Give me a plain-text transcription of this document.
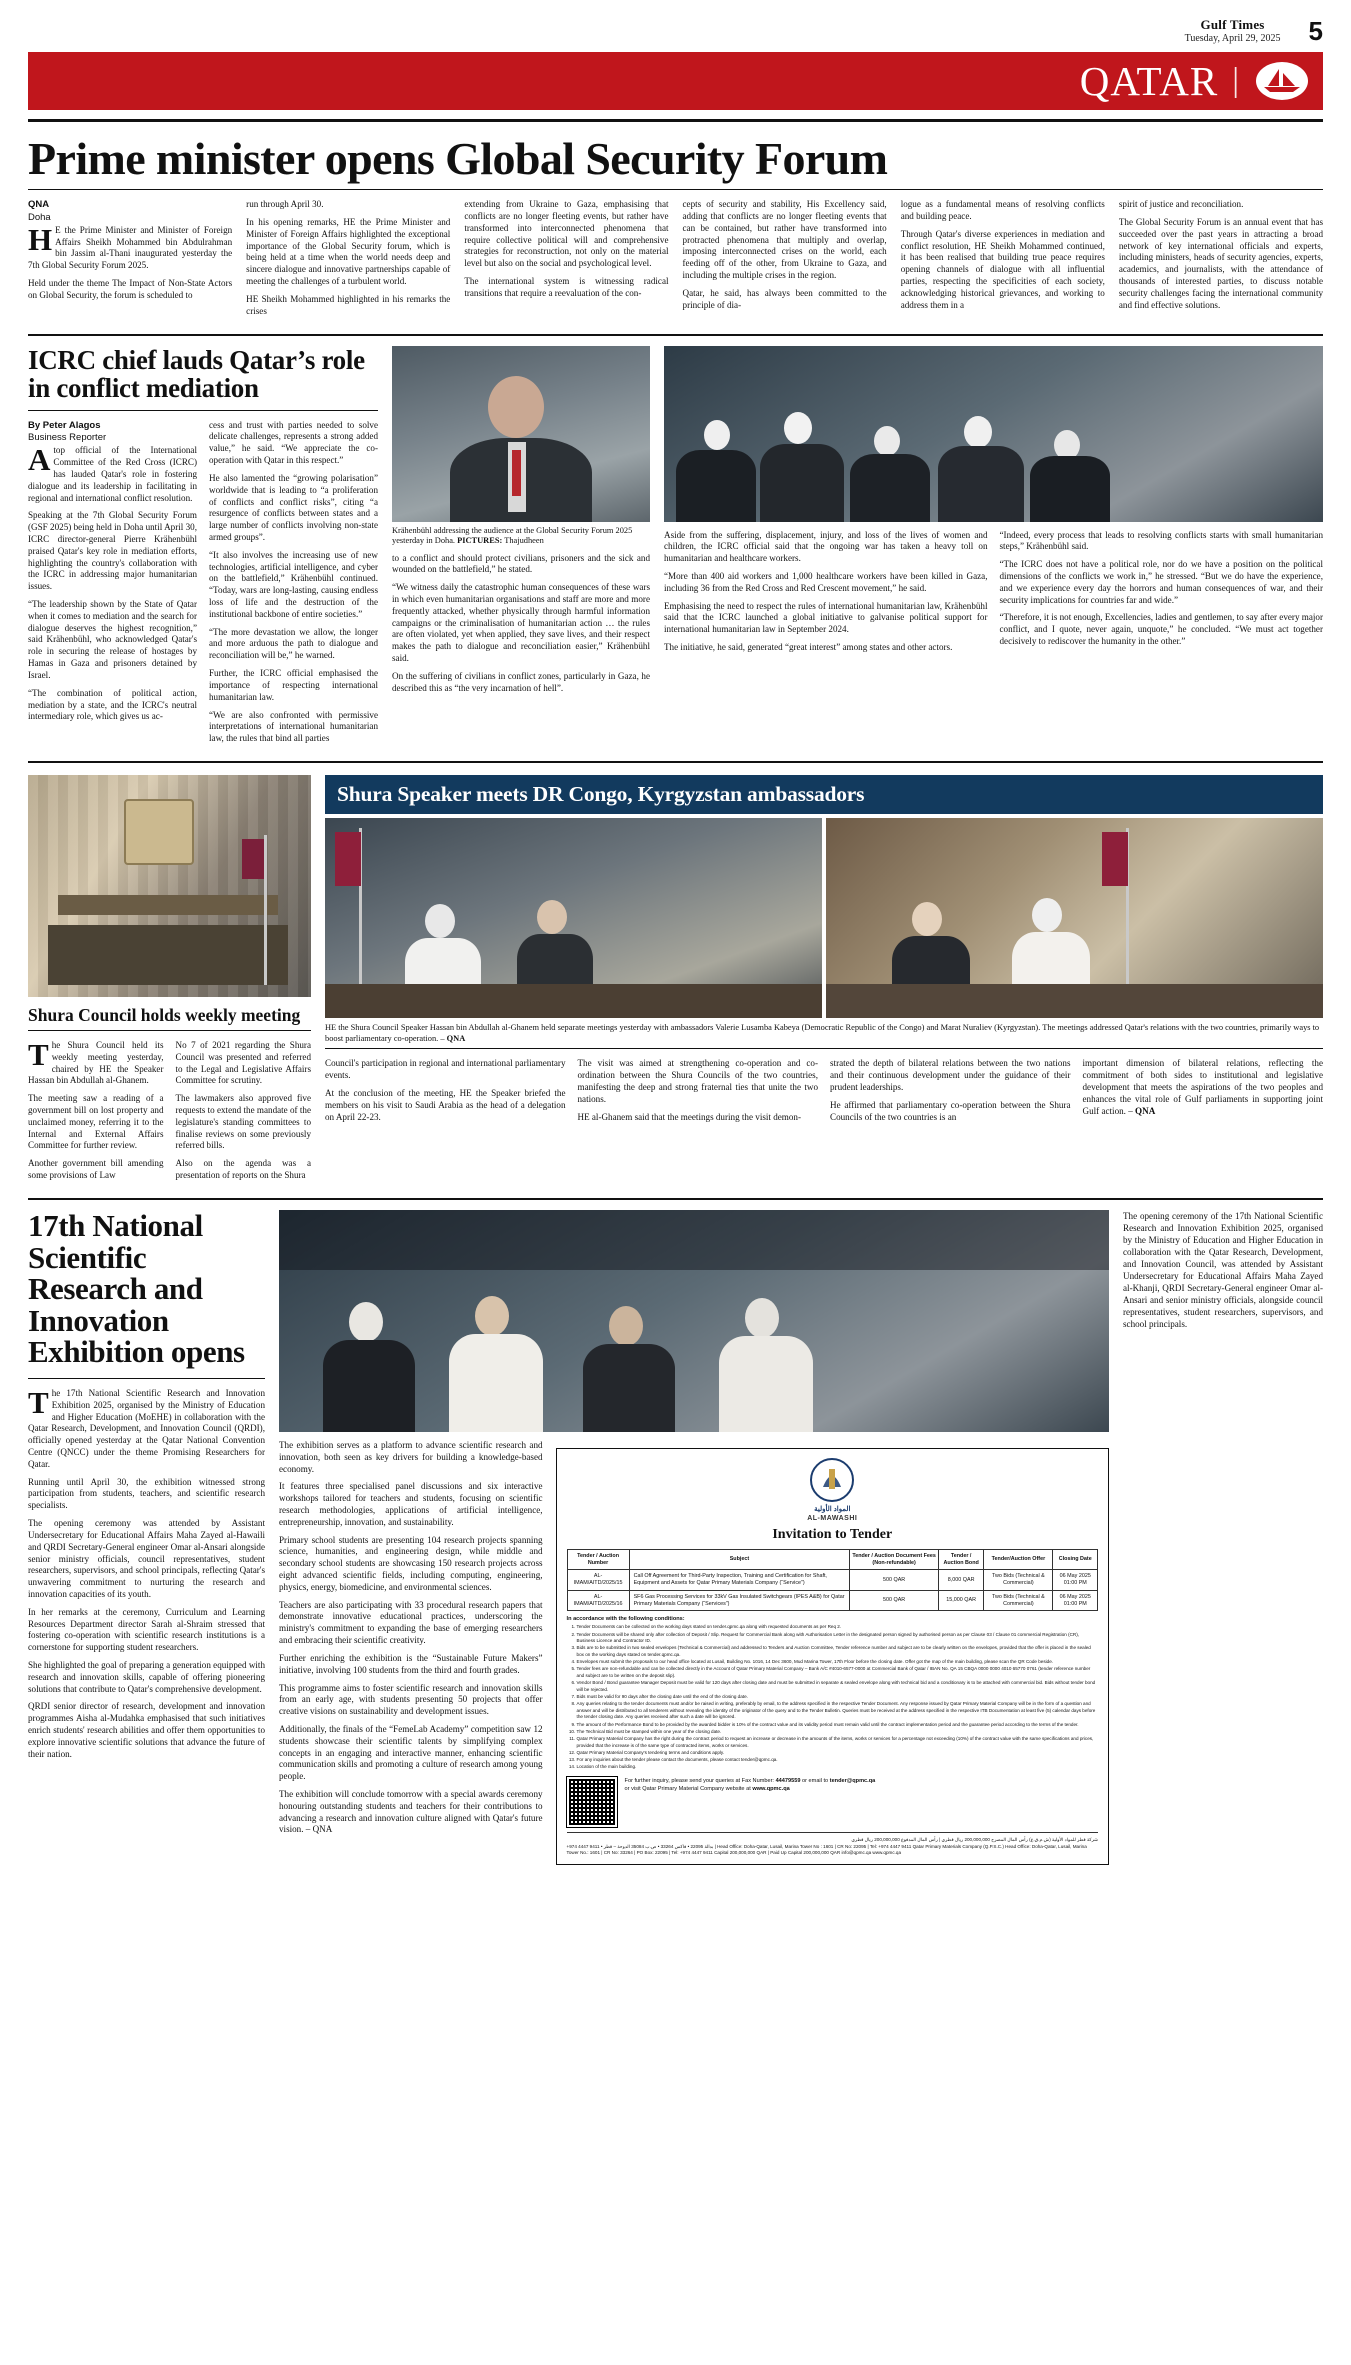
Gulf Times
Tuesday, April 29, 2025	5
QATAR |
Prime minister opens Global Security Forum
QNA
Doha

HE the Prime Minister and Minister of Foreign Affairs Sheikh Mohammed bin Abdulrahman bin Jassim al-Thani inaugurated yesterday the 7th Global Security Forum 2025.

Held under the theme The Impact of Non-State Actors on Global Security, the forum is scheduled to

run through April 30.

In his opening remarks, HE the Prime Minister and Minister of Foreign Affairs highlighted the exceptional importance of the Global Security forum, which is being held at a time when the world needs deep and sincere dialogue and innovative partnerships capable of meeting the challenges of a turbulent world.

HE Sheikh Mohammed highlighted in his remarks the crises

extending from Ukraine to Gaza, emphasising that conflicts are no longer fleeting events, but rather have transformed into interconnected phenomena that require collective political will and comprehensive strategies for reconstruction, not only on the material level but also on the social and psychological level.

The international system is witnessing radical transitions that require a reevaluation of the con-

cepts of security and stability, His Excellency said, adding that conflicts are no longer fleeting events that can be contained, but rather have transformed into protracted phenomena that multiply and overlap, imposing interconnected crises on the world, each feeding off of the other, from Ukraine to Gaza, and including the multiple crises in the region.

Qatar, he said, has always been committed to the principle of dia-

logue as a fundamental means of resolving conflicts and building peace.

Through Qatar's diverse experiences in mediation and conflict resolution, HE Sheikh Mohammed continued, it has been realised that building true peace requires opening channels of dialogue with all influential parties, respecting the specificities of each society, acknowledging historical grievances, and working to address them in a

spirit of justice and reconciliation.

The Global Security Forum is an annual event that has succeeded over the past years in attracting a broad network of key international officials and experts, including ministers, heads of security agencies, experts, academics, and journalists, with the attendance of thousands of interested parties, to discuss notable security challenges facing the international community and find effective solutions.

ICRC chief lauds Qatar’s role in conflict mediation
By Peter Alagos
Business Reporter

Atop official of the International Committee of the Red Cross (ICRC) has lauded Qatar's role in fostering dialogue and its leadership in facilitating in regional and international conflict resolution.

Speaking at the 7th Global Security Forum (GSF 2025) being held in Doha until April 30, ICRC director-general Pierre Krähenbühl praised Qatar's key role in mediation efforts, highlighting the country's collaboration with the ICRC in addressing major humanitarian issues.

“The leadership shown by the State of Qatar when it comes to mediation and the search for dialogue deserves the highest recognition,” said Krähenbühl, who acknowledged Qatar's role in securing the release of hostages by Hamas in Gaza and prisoners detained by Israel.

“The combination of political action, mediation by a state, and the ICRC's neutral intermediary role, which gives us ac-

cess and trust with parties needed to solve delicate challenges, represents a strong added value,” he said. “We appreciate the co-operation with Qatar in this respect.”

He also lamented the “growing polarisation” worldwide that is leading to “a proliferation of conflicts and conflict risks”, citing “a resurgence of conflicts between states and a large number of conflicts involving non-state armed groups”.

“It also involves the increasing use of new technologies, artificial intelligence, and cyber on the battlefield,” Krähenbühl continued. “Today, wars are long-lasting, causing endless loss of life and the destruction of the institutional backbone of entire societies.”

“The more devastation we allow, the longer and more arduous the path to dialogue and reconciliation will be,” he warned.

Further, the ICRC official emphasised the importance of respecting international humanitarian law.

“We are also confronted with permissive interpretations of international humanitarian law, the rules that bind all parties

Krähenbühl addressing the audience at the Global Security Forum 2025 yesterday in Doha. PICTURES: Thajudheen

to a conflict and should protect civilians, prisoners and the sick and wounded on the battlefield,” he stated.

“We witness daily the catastrophic human consequences of these wars in which even humanitarian organisations and staff are more and more frequently attacked, whether physically through harmful information campaigns or the criminalisation of humanitarian action … the rules are often violated, yet when applied, they save lives, and their respect makes the path to dialogue and reconciliation easier,” Krähenbühl said.

On the suffering of civilians in conflict zones, particularly in Gaza, he described this as “the very incarnation of hell”.

Aside from the suffering, displacement, injury, and loss of the lives of women and children, the ICRC official said that the ongoing war has taken a heavy toll on humanitarian and healthcare workers.

“More than 400 aid workers and 1,000 healthcare workers have been killed in Gaza, including 36 from the Red Cross and Red Crescent movement,” he said.

Emphasising the need to respect the rules of international humanitarian law, Krähenbühl said that the ICRC launched a global initiative to galvanise political support for international humanitarian law in September 2024.

The initiative, he said, generated “great interest” among states and other actors.

“Indeed, every process that leads to resolving conflicts starts with small humanitarian steps,” Krähenbühl said.

“The ICRC does not have a political role, nor do we have a position on the political dimensions of the conflicts we work in,” he stressed. “But we do have the experience, and we experience every day the horrors and human consequences of war, and their security implications for countries far and wide.”

“Therefore, it is not enough, Excellencies, ladies and gentlemen, to say after every major conflict, and I quote, never again, unquote,” he concluded. “We must act together decisively to rediscover the humanity in the other.”

Shura Council holds weekly meeting

The Shura Council held its weekly meeting yesterday, chaired by HE the Speaker Hassan bin Abdullah al-Ghanem.

The meeting saw a reading of a government bill on lost property and unclaimed money, referring it to the Internal and External Affairs Committee for further review.

Another government bill amending some provisions of Law

No 7 of 2021 regarding the Shura Council was presented and referred to the Legal and Legislative Affairs Committee for scrutiny.

The lawmakers also approved five requests to extend the mandate of the legislature's standing committees to finalise reviews on some previously referred bills.

Also on the agenda was a presentation of reports on the Shura

Shura Speaker meets DR Congo, Kyrgyzstan ambassadors
HE the Shura Council Speaker Hassan bin Abdullah al-Ghanem held separate meetings yesterday with ambassadors Valerie Lusamba Kabeya (Democratic Republic of the Congo) and Marat Nuraliev (Kyrgyzstan). The meetings addressed Qatar's relations with the two countries, primarily ways to boost parliamentary co-operation. – QNA

Council's participation in regional and international parliamentary events.

At the conclusion of the meeting, HE the Speaker briefed the members on his visit to Saudi Arabia as the head of a delegation on April 22-23.

The visit was aimed at strengthening co-operation and co-ordination between the Shura Councils of the two countries, manifesting the deep and strong fraternal ties that unite the two nations.

HE al-Ghanem said that the meetings during the visit demon-

strated the depth of bilateral relations between the two nations and their continuous development under the guidance of their prudent leaderships.

He affirmed that parliamentary co-operation between the Shura Councils of the two countries is an

important dimension of bilateral relations, reflecting the commitment of both sides to institutional and legislative development that meets the aspirations of the two peoples and enhances the vital role of Gulf parliaments in supporting joint Gulf action. – QNA

17th National Scientific Research and Innovation Exhibition opens

The 17th National Scientific Research and Innovation Exhibition 2025, organised by the Ministry of Education and Higher Education (MoEHE) in collaboration with the Qatar Research, Development, and Innovation Council (QRDI), officially opened yesterday at the Qatar National Convention Centre (QNCC) under the theme Promising Researchers for Qatar.

Running until April 30, the exhibition witnessed strong participation from students, teachers, and scientific research specialists.

The opening ceremony was attended by Assistant Undersecretary for Educational Affairs Maha Zayed al-Hawaili and QRDI Secretary-General engineer Omar al-Ansari alongside senior ministry officials, council representatives, student researchers, supervisors, and school principals, reflecting Qatar's unwavering commitment to nurturing the research and innovation capacities of its youth.

In her remarks at the ceremony, Curriculum and Learning Resources Department director Sarah al-Shraim stressed that fostering co-operation with scientific research institutions is a cornerstone for supporting student researchers.

She highlighted the goal of preparing a generation equipped with research and innovation skills, capable of offering pioneering solutions that contribute to Qatar's comprehensive development.

QRDI senior director of research, development and innovation programmes Aisha al-Mudahka emphasised that such initiatives enrich students' research abilities and offer them opportunities to explore innovative scientific solutions that advance the future of their nation.

The exhibition serves as a platform to advance scientific research and innovation, both seen as key drivers for building a knowledge-based economy.

It features three specialised panel discussions and six interactive workshops tailored for teachers and students, focusing on scientific research methodologies, applications of artificial intelligence, entrepreneurship, innovation, and sustainability.

Primary school students are presenting 104 research projects spanning science, humanities, and engineering design, while middle and secondary school students are showcasing 150 research projects across eight advanced scientific fields, including computing, engineering, physics, energy, biomedicine, and environmental sciences.

Teachers are also participating with 33 procedural research papers that demonstrate innovative educational practices, underscoring the ministry's commitment to expanding the base of emerging researchers and embracing their scientific creativity.

Further enriching the exhibition is the “Sustainable Future Makers” initiative, involving 100 students from the third and fourth grades.

This programme aims to foster scientific research and innovation skills from an early age, with students presenting 50 projects that offer creative visions on sustainability and development issues.

Additionally, the finals of the “FemeLab Academy” competition saw 12 students showcase their scientific talents by simplifying complex concepts in an engaging and interactive manner, enhancing scientific communication skills and promoting a culture of research among young people.

The exhibition will conclude tomorrow with a special awards ceremony honouring outstanding students and teachers for their contributions to advancing a research and innovation culture aligned with Qatar's future vision. – QNA

المواد الأولية
AL-MAWASHI
Invitation to Tender
Tender / Auction Number	Subject	Tender / Auction Document Fees (Non-refundable)	Tender / Auction Bond	Tender/Auction Offer	Closing Date
AL-IMAM/AITD/2025/15	Call Off Agreement for Third-Party Inspection, Training and Certification for Shaft, Equipment and Assets for Qatar Primary Materials Company (“Service”)	500 QAR	8,000 QAR	Two Bids (Technical & Commercial)	06 May 2025 01:00 PM
AL-IMAM/AITD/2025/16	SF6 Gas Processing Services for 33kV Gas Insulated Switchgears (IPES A&B) for Qatar Primary Materials Company (“Services”)	500 QAR	15,000 QAR	Two Bids (Technical & Commercial)	06 May 2025 01:00 PM
In accordance with the following conditions:
1. Tender Documents can be collected on the working days stated on tender.qpmc.qa along with requested documents as per Req 2.
2. Tender Documents will be shared only after collection of Deposit / Slip. Request for Commercial Bank along with Authorisation Letter in the designated person signed by authorised person as per Clause 03 / Clause 01 commercial Registration (CR), Business Licence and Contractor ID.
3. Bids are to be submitted in two sealed envelopes (Technical & Commercial) and addressed to Tenders and Auction Committee, Tender reference number and subject are to be clearly written on the envelopes, provided that the offer is placed in the sealed box on the working days stated on tender.qpmc.qa.
4. Envelopes must submit the proposals to our head office located at Lusail, Building No. 1016, 14 Dec 3600, Mud Marina Tower, 17th Floor before the closing date. Offer got the map of the main building, please scan the QR Code beside.
5. Tender fees are non-refundable and can be collected directly in the Account of Qatar Primary Material Company – Bank A/C #4010-6577-0000 at Commercial Bank of Qatar / IBAN No. QA 15 CBQA 0000 0000 4010 65770 0761 (tender reference number and subject are to be written on the deposit slip).
6. Vendor Bond / Bond guarantee Manager Deposit must be valid for 120 days after closing date and must be submitted in separate & sealed envelope along with technical bid and a conditionary is to be attached with commercial bid. Bids without tender bond will be rejected.
7. Bids must be valid for 90 days after the closing date until the end of the closing date.
8. Any queries relating to the tender documents must and/or be raised in writing, preferably by email, to the address specified in the respective Tender Document. Any response issued by Qatar Primary Material Company will be in the form of a question and answer and will be distributed to all tenderers without revealing the identity of the originator of the query and to the Tender Bulletin. Queries must be received at the address specified in the respective ITB Documentation at least five (5) calendar days before the tender closing date. Any queries received after such a date will be ignored.
9. The amount of the Performance Bond to be provided by the awarded bidder is 10% of the contract value and its validity period must remain valid until the contract implementation period and the guarantee period according to the terms of the tender.
10. The Technical Bid must be stamped within one year of the closing date.
11. Qatar Primary Material Company has the right during the contract period to request an increase or decrease in the amounts of the items, works or services for a percentage not exceeding (10%) of the contract value with the same specifications and prices, provided that the increase is of the same type of contracted items, works or services.
12. Qatar Primary Material Company's tendering terms and conditions apply.
13. For any inquiries about the tender please contact the documents, please contact tender@qpmc.qa.
14. Location of the main building.
For further inquiry, please send your queries at Fax Number: 44479559 or email to tender@qpmc.qa
or visit Qatar Primary Material Company website at www.qpmc.qa
شركة قطر للمواد الأولية (ش.م.ق.ع) رأس المال المصرح 200,000,000 ريال قطري | رأس المال المدفوع 200,000,000 ريال قطري
+974 4447 9411 • بدالة 22095 • فاكس 33264 • ص.ب 35084 الدوحة – قطر | Head Office: Doha-Qatar, Lusail, Marina Tower No : 1601 | CR No: 22095 | Tel: +974 4447 9411 Qatar Primary Materials Company (Q.P.S.C.) Head Office: Doha-Qatar, Lusail, Marina Tower No.: 1601 | CR No: 33264 | PO Box: 22095 | Tel: +974 4447 9411 Capital 200,000,000 QAR | Paid Up Capital 200,000,000 QAR info@qpmc.qa www.qpmc.qa
The opening ceremony of the 17th National Scientific Research and Innovation Exhibition 2025, organised by the Ministry of Education and Higher Education in collaboration with the Qatar Research, Development, and Innovation Council, was attended by Assistant Undersecretary for Educational Affairs Maha Zayed al-Khanji, QRDI Secretary-General engineer Omar al-Ansari and senior ministry officials, alongside council representatives, student researchers, supervisors, and school principals.
